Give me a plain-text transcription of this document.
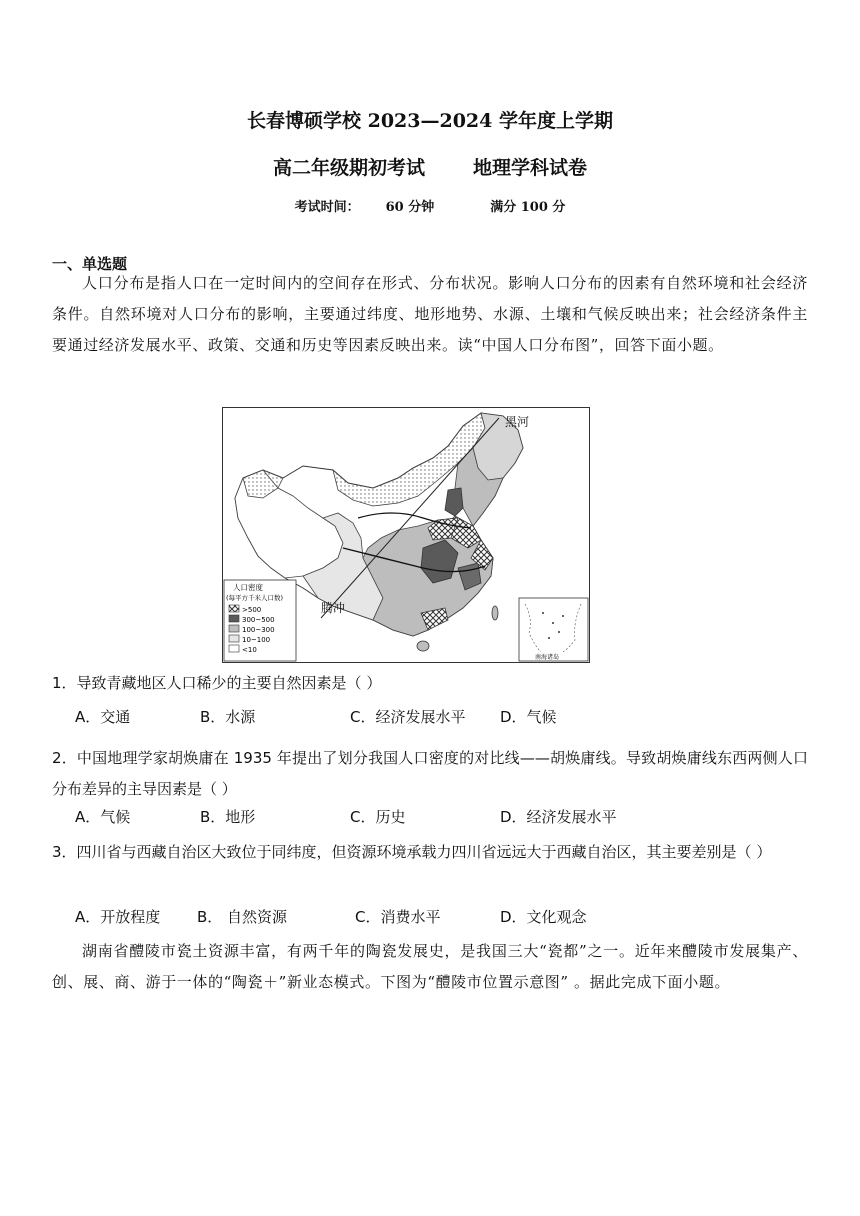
长春博硕学校 2023—2024 学年度上学期
高二年级期初考试	地理学科试卷
考试时间： 60 分钟	满分 100 分
一、单选题
人口分布是指人口在一定时间内的空间存在形式、分布状况。影响人口分布的因素有自然环境和社会经济条件。自然环境对人口分布的影响，主要通过纬度、地形地势、水源、土壤和气候反映出来；社会经济条件主要通过经济发展水平、政策、交通和历史等因素反映出来。读“中国人口分布图”，回答下面小题。
黑河
腾冲
人口密度
(每平方千米人口数)
>500
300~500
100~300
10~100
<10
南海诸岛
1．导致青藏地区人口稀少的主要自然因素是（ ）
A．交通	B．水源	C．经济发展水平 D．气候
2．中国地理学家胡焕庸在 1935 年提出了划分我国人口密度的对比线——胡焕庸线。导致胡焕庸线东西两侧人口分布差异的主导因素是（ ）
A．气候	B．地形	C．历史	D．经济发展水平
3．四川省与西藏自治区大致位于同纬度，但资源环境承载力四川省远远大于西藏自治区，其主要差别是（ ）
A．开放程度 B． 自然资源	C．消费水平	D．文化观念
湖南省醴陵市瓷土资源丰富，有两千年的陶瓷发展史，是我国三大“瓷都”之一。近年来醴陵市发展集产、创、展、商、游于一体的“陶瓷＋”新业态模式。下图为“醴陵市位置示意图” 。据此完成下面小题。
